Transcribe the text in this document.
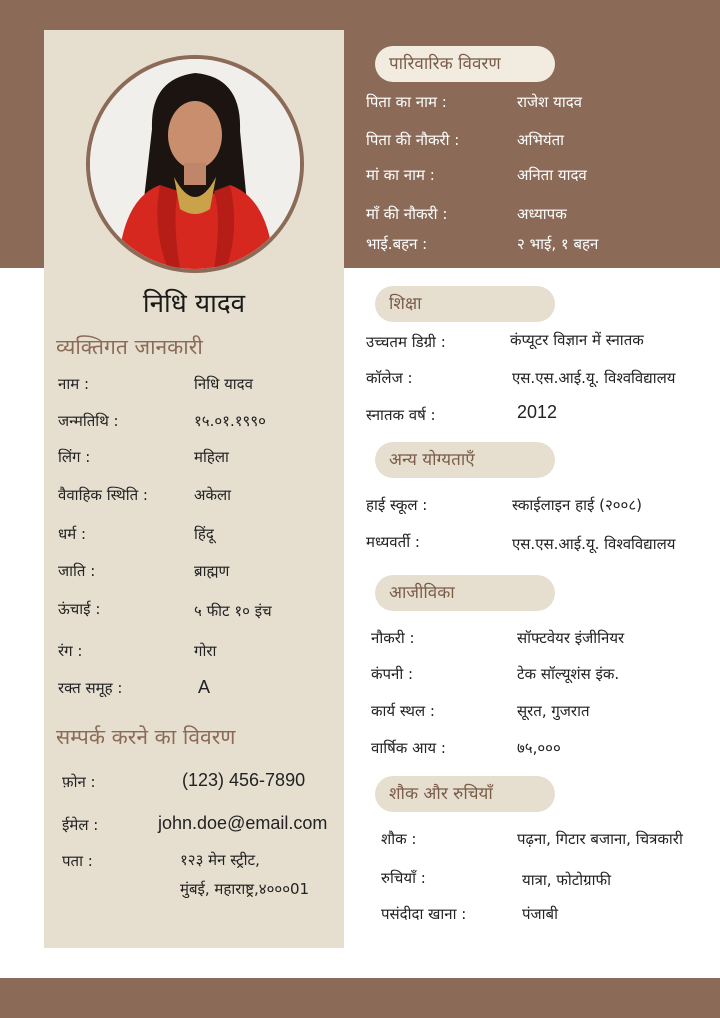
निधि यादव
व्यक्तिगत जानकारी
नाम :	निधि यादव
जन्मतिथि :	१५.०१.१९९०
लिंग :	महिला
वैवाहिक स्थिति :	अकेला
धर्म :	हिंदू
जाति :	ब्राह्मण
ऊंचाई :	५ फीट १० इंच
रंग :	गोरा
रक्त समूह :	A
सम्पर्क करने का विवरण
फ़ोन :	(123) 456-7890
ईमेल :	john.doe@email.com
पता :	१२३ मेन स्ट्रीट,
मुंबई, महाराष्ट्र,४०००01
पारिवारिक विवरण
पिता का नाम :	राजेश यादव
पिता की नौकरी :	अभियंता
मां का नाम :	अनिता यादव
माँ की नौकरी :	अध्यापक
भाई.बहन :	२ भाई, १ बहन
शिक्षा
उच्चतम डिग्री :	कंप्यूटर विज्ञान में स्नातक
कॉलेज :	एस.एस.आई.यू. विश्वविद्यालय
स्नातक वर्ष :	2012
अन्य योग्यताएँ
हाई स्कूल :	स्काईलाइन हाई (२००८)
मध्यवर्ती :	एस.एस.आई.यू. विश्वविद्यालय
आजीविका
नौकरी :	सॉफ्टवेयर इंजीनियर
कंपनी :	टेक सॉल्यूशंस इंक.
कार्य स्थल :	सूरत, गुजरात
वार्षिक आय :	७५,०००
शौक और रुचियाँ
शौक :	पढ़ना, गिटार बजाना, चित्रकारी
रुचियाँ :	यात्रा, फोटोग्राफी
पसंदीदा खाना :	पंजाबी
